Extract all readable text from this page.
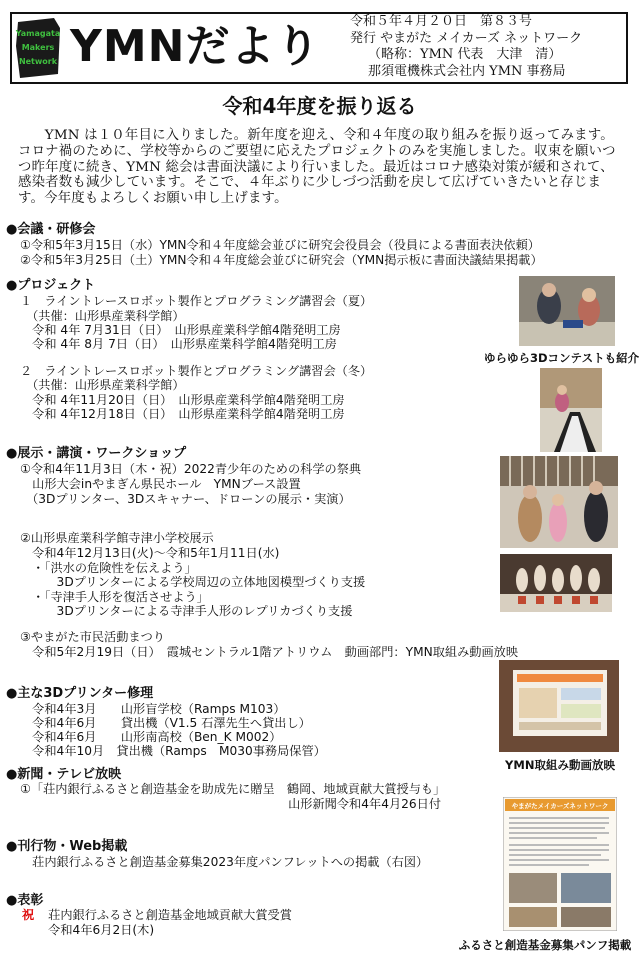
Yamagata
Makers
Network YMNだより 令和５年４月２０日　第８３号
発行 やまがた メイカーズ ネットワーク
（略称：YMN 代表　大津　清）
那須電機株式会社内 YMN 事務局
令和4年度を振り返る
YMN は１０年目に入りました。新年度を迎え、令和４年度の取り組みを振り返ってみます。コロナ禍のために、学校等からのご要望に応えたプロジェクトのみを実施しました。収束を願いつつ昨年度に続き、YMN 総会は書面決議により行いました。最近はコロナ感染対策が緩和されて、感染者数も減少しています。そこで、４年ぶりに少しづつ活動を戻して広げていきたいと存じます。今年度もよろしくお願い申し上げます。
●会議・研修会
①令和5年3月15日（水）YMN令和４年度総会並びに研究会役員会（役員による書面表決依頼）
②令和5年3月25日（土）YMN令和４年度総会並びに研究会（YMN掲示板に書面決議結果掲載）
●プロジェクト
１　ライントレースロボット製作とプログラミング講習会（夏）
　（共催：山形県産業科学館）
　令和 4年 7月31日（日）　山形県産業科学館4階発明工房
　令和 4年 8月 7日（日）　山形県産業科学館4階発明工房
２　ライントレースロボット製作とプログラミング講習会（冬）
　（共催：山形県産業科学館）
　令和 4年11月20日（日）　山形県産業科学館4階発明工房
　令和 4年12月18日（日）　山形県産業科学館4階発明工房
ゆらゆら3Dコンテストも紹介
●展示・講演・ワークショップ
①令和4年11月3日（木・祝）2022青少年のための科学の祭典
　山形大会inやまぎん県民ホール　YMNブース設置
　（3Dプリンター、3Dスキャナー、ドローンの展示・実演）
②山形県産業科学館寺津小学校展示
　令和4年12月13日(火)～令和5年1月11日(水)
　・「洪水の危険性を伝えよう」
　　　3Dプリンターによる学校周辺の立体地図模型づくり支援
　・「寺津手人形を復活させよう」
　　　3Dプリンターによる寺津手人形のレプリカづくり支援
③やまがた市民活動まつり
　令和5年2月19日（日）　霞城セントラル1階アトリウム　動画部門：YMN取組み動画放映
YMN取組み動画放映
●主な3Dプリンター修理
　令和4年3月　　山形盲学校（Ramps M103）
　令和4年6月　　貸出機（V1.5 石澤先生へ貸出し）
　令和4年6月　　山形南高校（Ben_K M002）
　令和4年10月　貸出機（Ramps　M030事務局保管）
●新聞・テレビ放映
①「荘内銀行ふるさと創造基金を助成先に贈呈　鶴岡、地域貢献大賞授与も」
　　　　　　　　　　　　　　　　　　　　　　山形新聞令和4年4月26日付
●刊行物・Web掲載
　荘内銀行ふるさと創造基金募集2023年度パンフレットへの掲載（右図）
やまがたメイカーズネットワーク
ふるさと創造基金募集パンフ掲載
●表彰
祝 　荘内銀行ふるさと創造基金地域貢献大賞受賞
　令和4年6月2日(木)
